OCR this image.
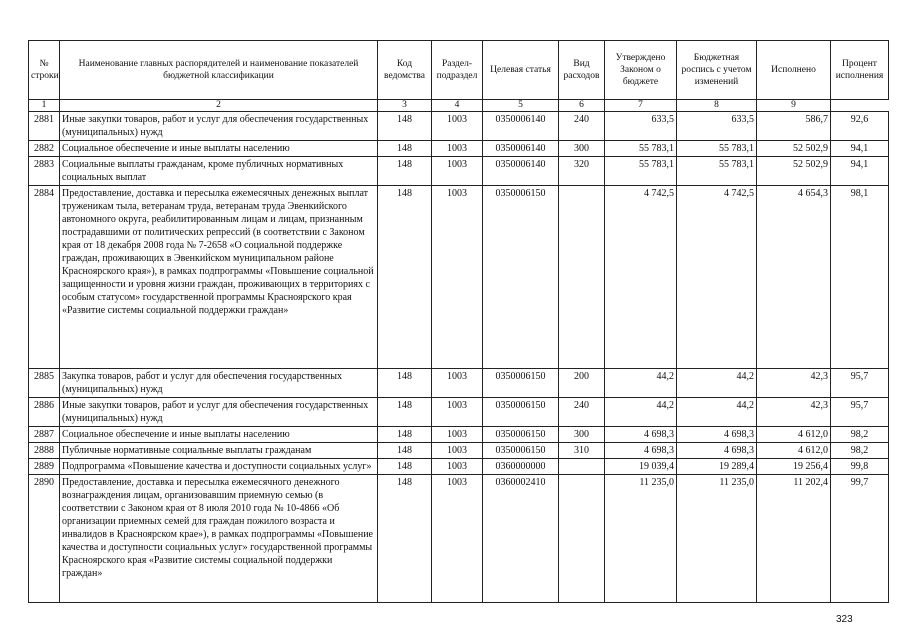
№ строки	Наименование главных распорядителей и наименование показателей бюджетной классификации	Код ведомства	Раздел-подраздел	Целевая статья	Вид расходов	Утверждено Законом о бюджете	Бюджетная роспись с учетом изменений	Исполнено	Процент исполнения
1	2	3	4	5	6	7	8	9	
2881	Иные закупки товаров, работ и услуг для обеспечения государственных (муниципальных) нужд	148	1003	0350006140	240	633,5	633,5	586,7	92,6
2882	Социальное обеспечение и иные выплаты населению	148	1003	0350006140	300	55 783,1	55 783,1	52 502,9	94,1
2883	Социальные выплаты гражданам, кроме публичных нормативных социальных выплат	148	1003	0350006140	320	55 783,1	55 783,1	52 502,9	94,1
2884	Предоставление, доставка и пересылка ежемесячных денежных выплат труженикам тыла, ветеранам труда, ветеранам труда Эвенкийского автономного округа, реабилитированным лицам и лицам, признанным пострадавшими от политических репрессий (в соответствии с Законом края от 18 декабря 2008 года № 7-2658 «О социальной поддержке граждан, проживающих в Эвенкийском муниципальном районе Красноярского края»), в рамках подпрограммы «Повышение социальной защищенности и уровня жизни граждан, проживающих в территориях с особым статусом» государственной программы Красноярского края «Развитие системы социальной поддержки граждан»	148	1003	0350006150		4 742,5	4 742,5	4 654,3	98,1
2885	Закупка товаров, работ и услуг для обеспечения государственных (муниципальных) нужд	148	1003	0350006150	200	44,2	44,2	42,3	95,7
2886	Иные закупки товаров, работ и услуг для обеспечения государственных (муниципальных) нужд	148	1003	0350006150	240	44,2	44,2	42,3	95,7
2887	Социальное обеспечение и иные выплаты населению	148	1003	0350006150	300	4 698,3	4 698,3	4 612,0	98,2
2888	Публичные нормативные социальные выплаты гражданам	148	1003	0350006150	310	4 698,3	4 698,3	4 612,0	98,2
2889	Подпрограмма «Повышение качества и доступности социальных услуг»	148	1003	0360000000		19 039,4	19 289,4	19 256,4	99,8
2890	Предоставление, доставка и пересылка ежемесячного денежного вознаграждения лицам, организовавшим приемную семью (в соответствии с Законом края от 8 июля 2010 года № 10-4866 «Об организации приемных семей для граждан пожилого возраста и инвалидов в Красноярском крае»), в рамках подпрограммы «Повышение качества и доступности социальных услуг» государственной программы Красноярского края «Развитие системы социальной поддержки граждан»	148	1003	0360002410		11 235,0	11 235,0	11 202,4	99,7
323
